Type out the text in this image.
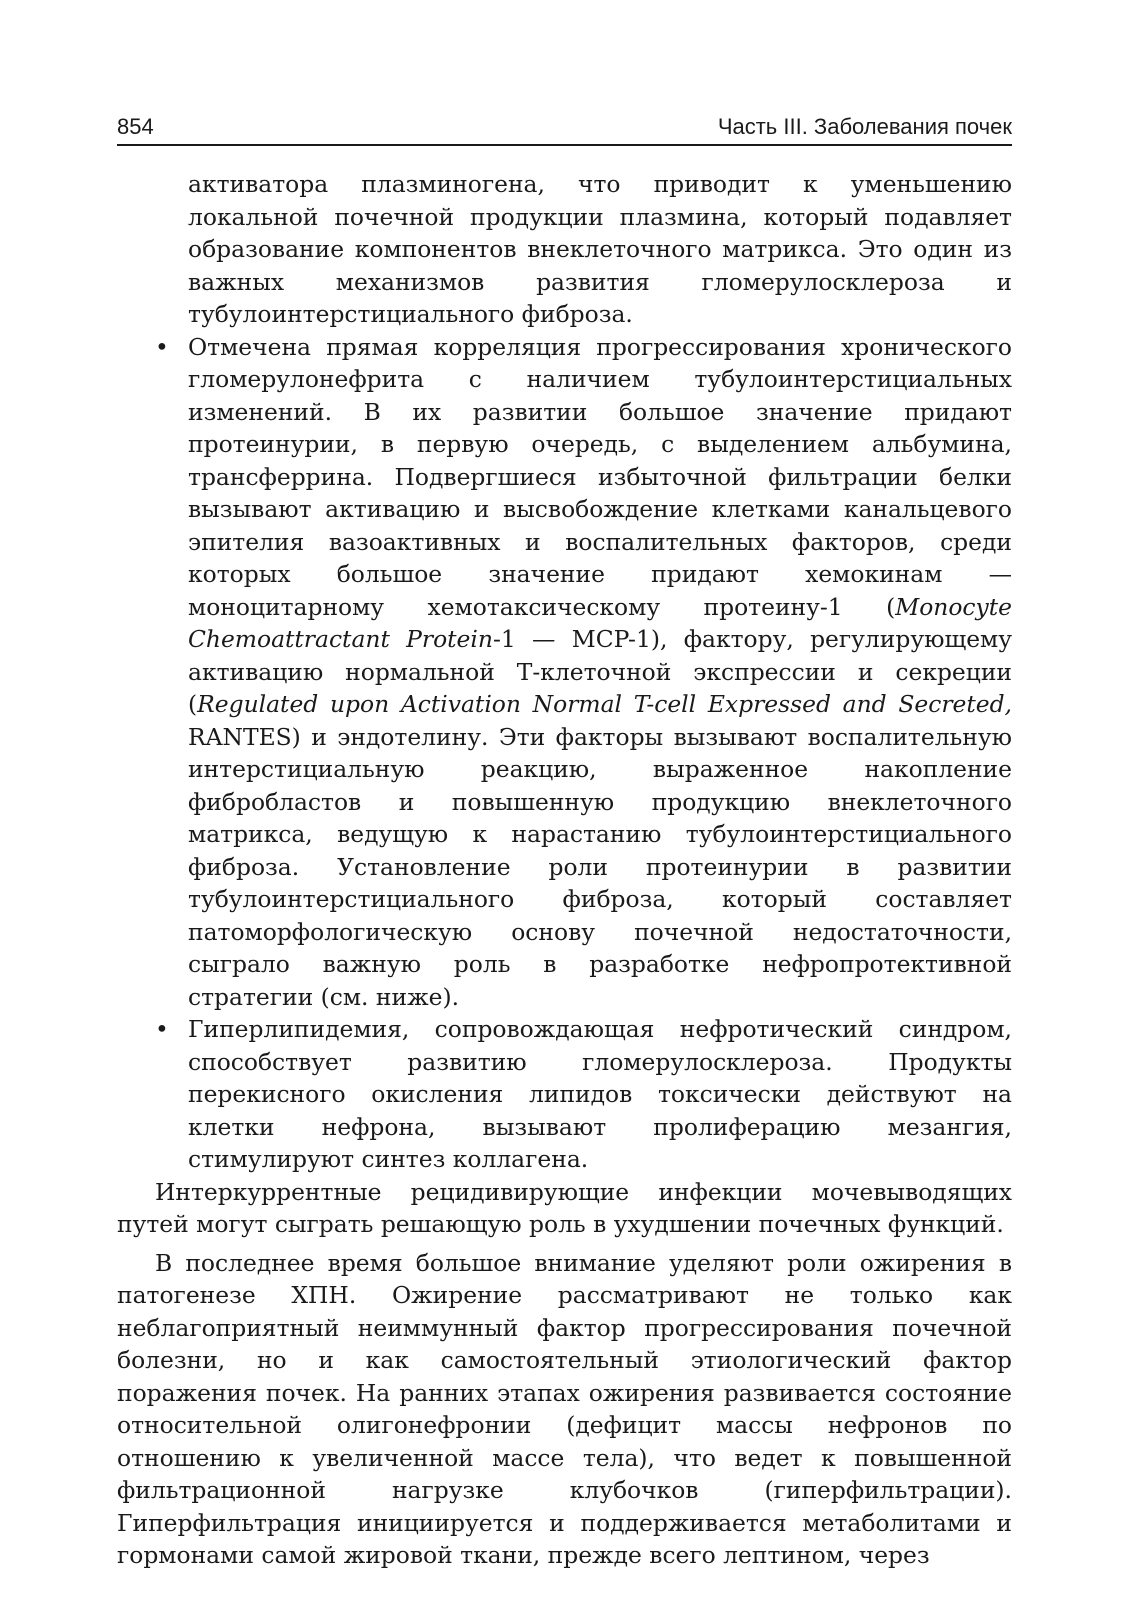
854	Часть III. Заболевания почек

активатора плазминогена, что приводит к уменьшению локальной почечной продукции плазмина, который подавляет образование компонентов внеклеточного матрикса. Это один из важных механизмов развития гломерулосклероза и тубулоинтерстициального фиброза.

• Отмечена прямая корреляция прогрессирования хронического гломерулонефрита с наличием тубулоинтерстициальных изменений. В их развитии большое значение придают протеинурии, в первую очередь, с выделением альбумина, трансферрина. Подвергшиеся избыточной фильтрации белки вызывают активацию и высвобождение клетками канальцевого эпителия вазоактивных и воспалительных факторов, среди которых большое значение придают хемокинам — моноцитарному хемотаксическому протеину-1 (Monocyte Chemoattractant Protein-1 — MCP-1), фактору, регулирующему активацию нормальной Т-клеточной экспрессии и секреции (Regulated upon Activation Normal T-cell Expressed and Secreted, RANTES) и эндотелину. Эти факторы вызывают воспалительную интерстициальную реакцию, выраженное накопление фибробластов и повышенную продукцию внеклеточного матрикса, ведущую к нарастанию тубулоинтерстициального фиброза. Установление роли протеинурии в развитии тубулоинтерстициального фиброза, который составляет патоморфологическую основу почечной недостаточности, сыграло важную роль в разработке нефропротективной стратегии (см. ниже).
• Гиперлипидемия, сопровождающая нефротический синдром, способствует развитию гломерулосклероза. Продукты перекисного окисления липидов токсически действуют на клетки нефрона, вызывают пролиферацию мезангия, стимулируют синтез коллагена.

Интеркуррентные рецидивирующие инфекции мочевыводящих путей могут сыграть решающую роль в ухудшении почечных функций.

В последнее время большое внимание уделяют роли ожирения в патогенезе ХПН. Ожирение рассматривают не только как неблагоприятный неиммунный фактор прогрессирования почечной болезни, но и как самостоятельный этиологический фактор поражения почек. На ранних этапах ожирения развивается состояние относительной олигонефронии (дефицит массы нефронов по отношению к увеличенной массе тела), что ведет к повышенной фильтрационной нагрузке клубочков (гиперфильтрации). Гиперфильтрация инициируется и поддерживается метаболитами и гормонами самой жировой ткани, прежде всего лептином, через
